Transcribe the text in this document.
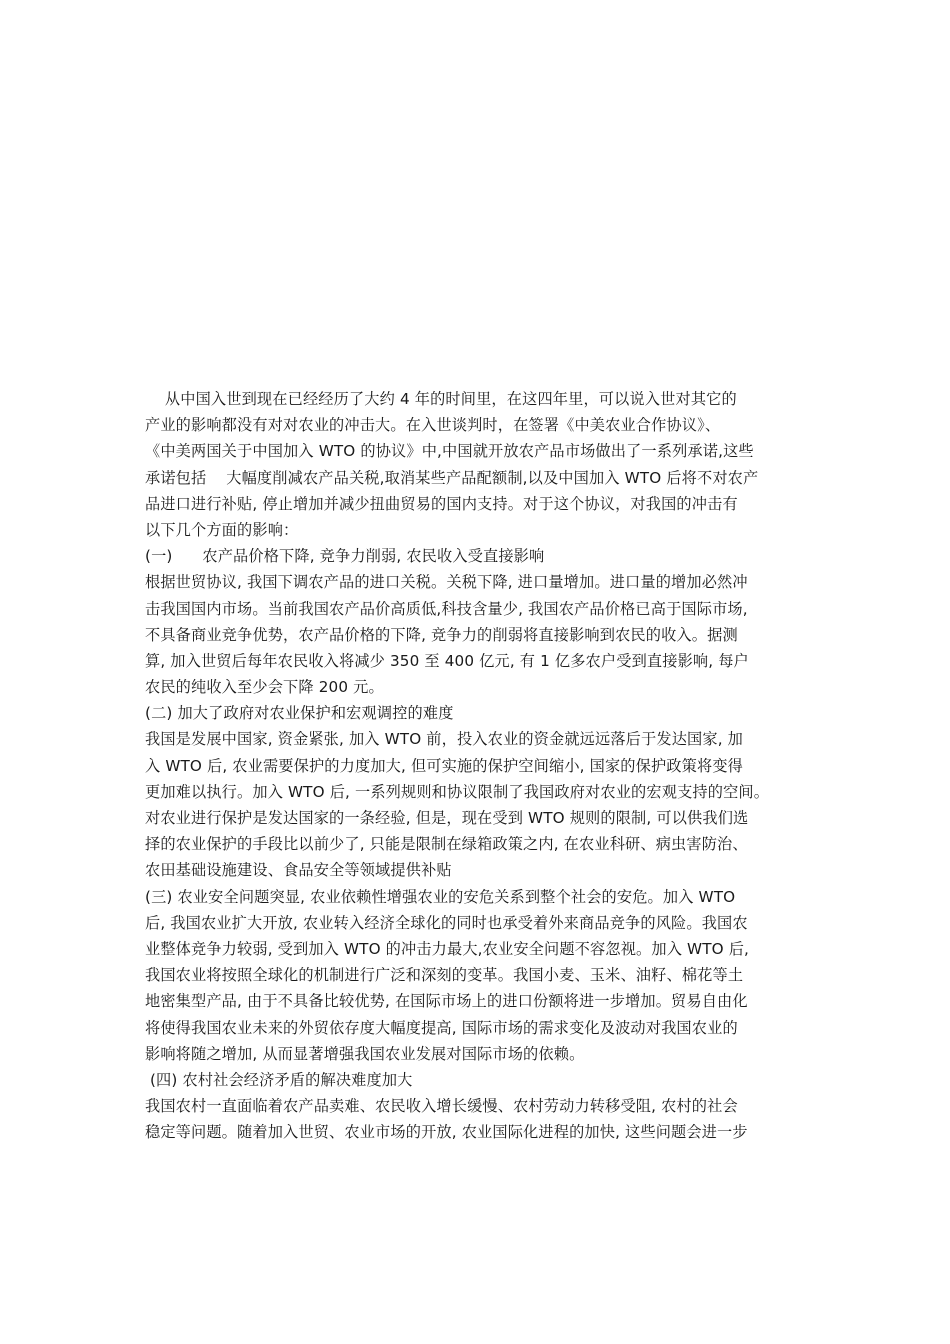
从中国入世到现在已经经历了大约 4 年的时间里，在这四年里，可以说入世对其它的
产业的影响都没有对对农业的冲击大。在入世谈判时，在签署《中美农业合作协议》、
《中美两国关于中国加入 WTO 的协议》中,中国就开放农产品市场做出了一系列承诺,这些
承诺包括    大幅度削减农产品关税,取消某些产品配额制,以及中国加入 WTO 后将不对农产
品进口进行补贴, 停止增加并减少扭曲贸易的国内支持。对于这个协议，对我国的冲击有
以下几个方面的影响：
(一)      农产品价格下降, 竞争力削弱, 农民收入受直接影响
根据世贸协议, 我国下调农产品的进口关税。关税下降, 进口量增加。进口量的增加必然冲
击我国国内市场。当前我国农产品价高质低,科技含量少, 我国农产品价格已高于国际市场,
不具备商业竞争优势，农产品价格的下降, 竞争力的削弱将直接影响到农民的收入。据测
算, 加入世贸后每年农民收入将减少 350 至 400 亿元, 有 1 亿多农户受到直接影响, 每户
农民的纯收入至少会下降 200 元。
(二) 加大了政府对农业保护和宏观调控的难度
我国是发展中国家, 资金紧张, 加入 WTO 前，投入农业的资金就远远落后于发达国家, 加
入 WTO 后, 农业需要保护的力度加大, 但可实施的保护空间缩小, 国家的保护政策将变得
更加难以执行。加入 WTO 后, 一系列规则和协议限制了我国政府对农业的宏观支持的空间。
对农业进行保护是发达国家的一条经验, 但是，现在受到 WTO 规则的限制, 可以供我们选
择的农业保护的手段比以前少了, 只能是限制在绿箱政策之内, 在农业科研、病虫害防治、
农田基础设施建设、食品安全等领域提供补贴
(三) 农业安全问题突显, 农业依赖性增强农业的安危关系到整个社会的安危。加入 WTO
后, 我国农业扩大开放, 农业转入经济全球化的同时也承受着外来商品竞争的风险。我国农
业整体竞争力较弱, 受到加入 WTO 的冲击力最大,农业安全问题不容忽视。加入 WTO 后,
我国农业将按照全球化的机制进行广泛和深刻的变革。我国小麦、玉米、油籽、棉花等土
地密集型产品, 由于不具备比较优势, 在国际市场上的进口份额将进一步增加。贸易自由化
将使得我国农业未来的外贸依存度大幅度提高, 国际市场的需求变化及波动对我国农业的
影响将随之增加, 从而显著增强我国农业发展对国际市场的依赖。
(四) 农村社会经济矛盾的解决难度加大
我国农村一直面临着农产品卖难、农民收入增长缓慢、农村劳动力转移受阻, 农村的社会
稳定等问题。随着加入世贸、农业市场的开放, 农业国际化进程的加快, 这些问题会进一步
